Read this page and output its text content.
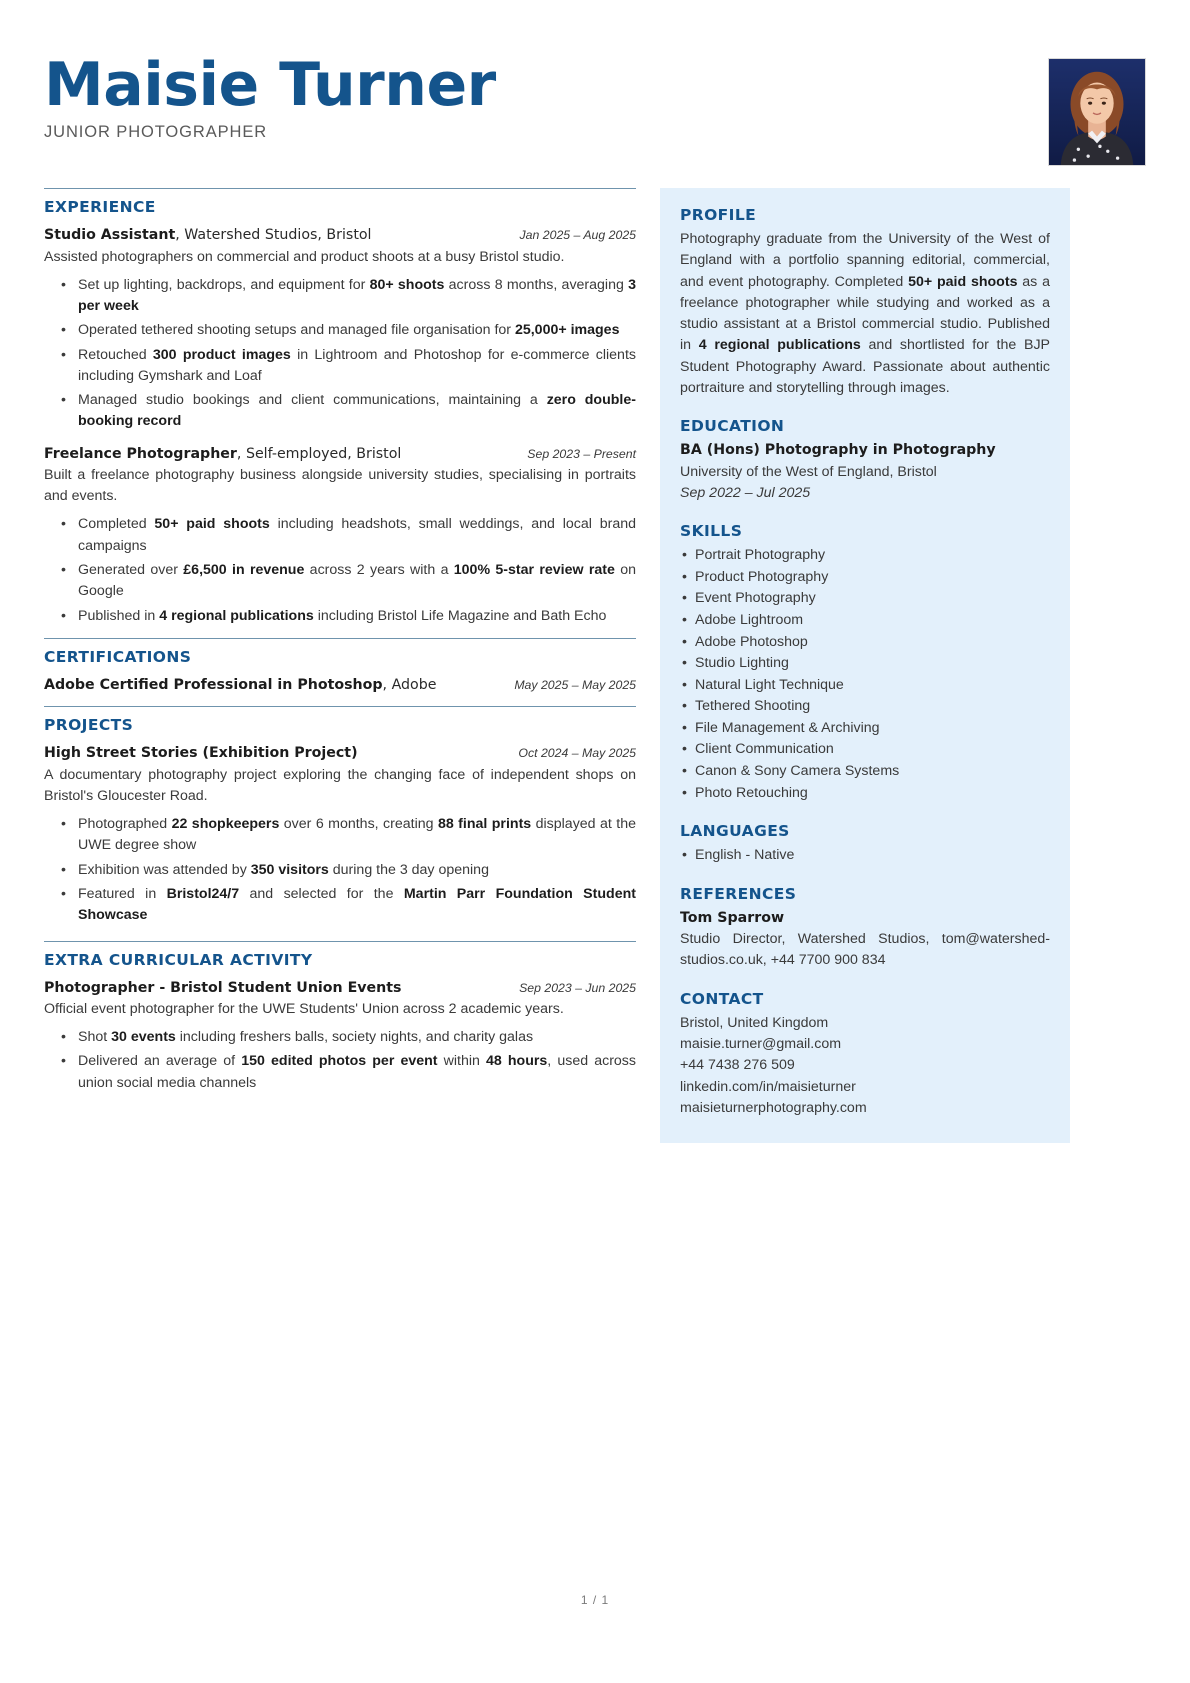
Maisie Turner
JUNIOR PHOTOGRAPHER
EXPERIENCE
Studio Assistant, Watershed Studios, Bristol	Jan 2025 – Aug 2025
Assisted photographers on commercial and product shoots at a busy Bristol studio.
• Set up lighting, backdrops, and equipment for 80+ shoots across 8 months, averaging 3 per week
• Operated tethered shooting setups and managed file organisation for 25,000+ images
• Retouched 300 product images in Lightroom and Photoshop for e-commerce clients including Gymshark and Loaf
• Managed studio bookings and client communications, maintaining a zero double-booking record
Freelance Photographer, Self-employed, Bristol	Sep 2023 – Present
Built a freelance photography business alongside university studies, specialising in portraits and events.
• Completed 50+ paid shoots including headshots, small weddings, and local brand campaigns
• Generated over £6,500 in revenue across 2 years with a 100% 5-star review rate on Google
• Published in 4 regional publications including Bristol Life Magazine and Bath Echo
CERTIFICATIONS
Adobe Certified Professional in Photoshop, Adobe	May 2025 – May 2025
PROJECTS
High Street Stories (Exhibition Project)	Oct 2024 – May 2025
A documentary photography project exploring the changing face of independent shops on Bristol's Gloucester Road.
• Photographed 22 shopkeepers over 6 months, creating 88 final prints displayed at the UWE degree show
• Exhibition was attended by 350 visitors during the 3 day opening
• Featured in Bristol24/7 and selected for the Martin Parr Foundation Student Showcase
EXTRA CURRICULAR ACTIVITY
Photographer - Bristol Student Union Events	Sep 2023 – Jun 2025
Official event photographer for the UWE Students' Union across 2 academic years.
• Shot 30 events including freshers balls, society nights, and charity galas
• Delivered an average of 150 edited photos per event within 48 hours, used across union social media channels
PROFILE
Photography graduate from the University of the West of England with a portfolio spanning editorial, commercial, and event photography. Completed 50+ paid shoots as a freelance photographer while studying and worked as a studio assistant at a Bristol commercial studio. Published in 4 regional publications and shortlisted for the BJP Student Photography Award. Passionate about authentic portraiture and storytelling through images.
EDUCATION
BA (Hons) Photography in Photography
University of the West of England, Bristol
Sep 2022 – Jul 2025
SKILLS
• Portrait Photography
• Product Photography
• Event Photography
• Adobe Lightroom
• Adobe Photoshop
• Studio Lighting
• Natural Light Technique
• Tethered Shooting
• File Management & Archiving
• Client Communication
• Canon & Sony Camera Systems
• Photo Retouching
LANGUAGES
• English - Native
REFERENCES
Tom Sparrow
Studio Director, Watershed Studios, tom@watershed-studios.co.uk, +44 7700 900 834
CONTACT
Bristol, United Kingdom
maisie.turner@gmail.com
+44 7438 276 509
linkedin.com/in/maisieturner
maisieturnerphotography.com
1 / 1
